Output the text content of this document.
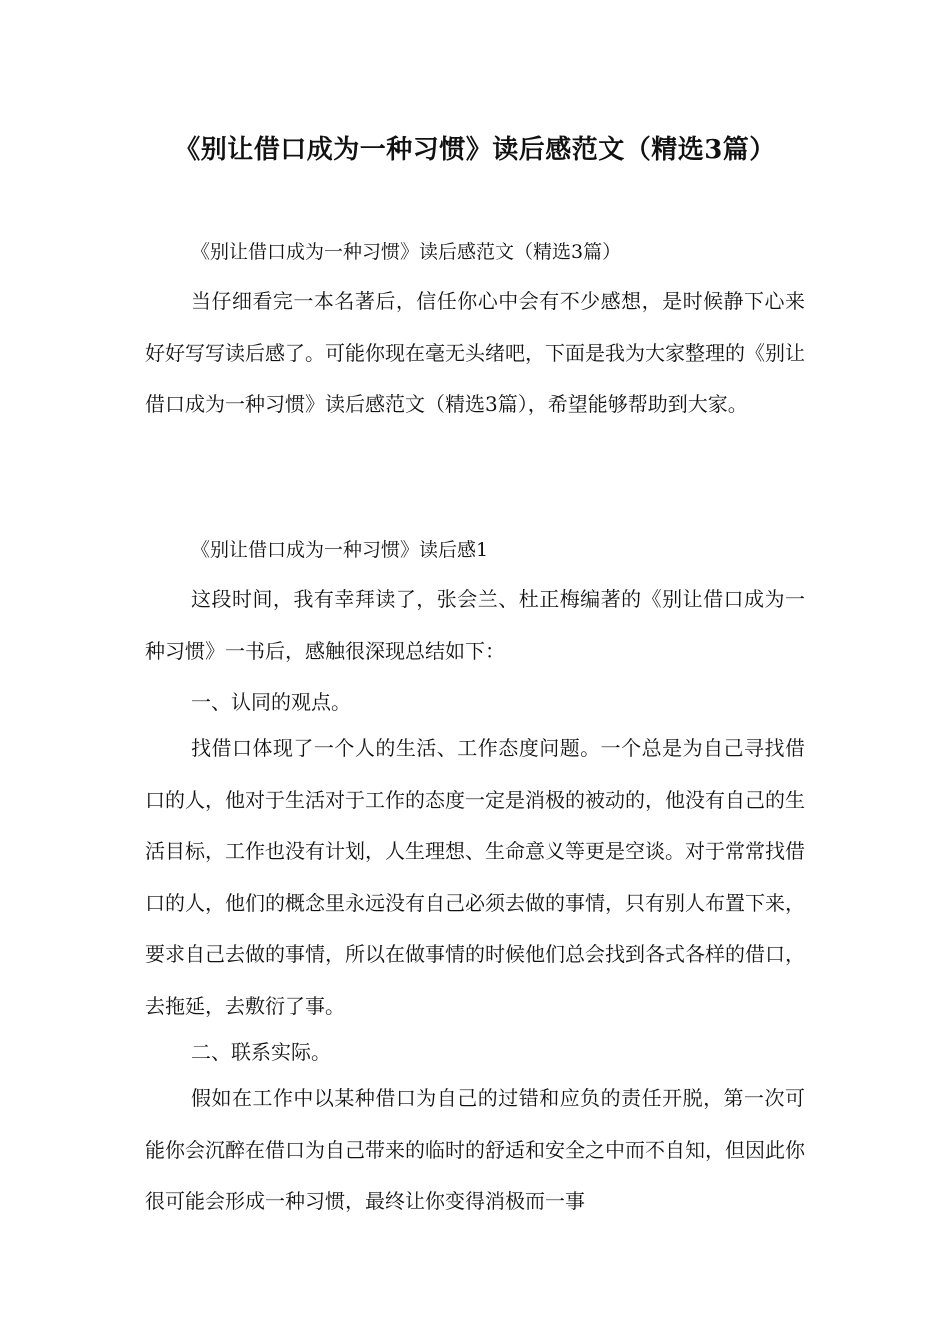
《别让借口成为一种习惯》读后感范文（精选3篇）

《别让借口成为一种习惯》读后感范文（精选3篇）

当仔细看完一本名著后，信任你心中会有不少感想，是时候静下心来好好写写读后感了。可能你现在毫无头绪吧，下面是我为大家整理的《别让借口成为一种习惯》读后感范文（精选3篇），希望能够帮助到大家。

《别让借口成为一种习惯》读后感1

这段时间，我有幸拜读了，张会兰、杜正梅编著的《别让借口成为一种习惯》一书后，感触很深现总结如下：

一、认同的观点。

找借口体现了一个人的生活、工作态度问题。一个总是为自己寻找借口的人，他对于生活对于工作的态度一定是消极的被动的，他没有自己的生活目标，工作也没有计划，人生理想、生命意义等更是空谈。对于常常找借口的人，他们的概念里永远没有自己必须去做的事情，只有别人布置下来，要求自己去做的事情，所以在做事情的时候他们总会找到各式各样的借口，去拖延，去敷衍了事。

二、联系实际。

假如在工作中以某种借口为自己的过错和应负的责任开脱，第一次可能你会沉醉在借口为自己带来的临时的舒适和安全之中而不自知，但因此你很可能会形成一种习惯，最终让你变得消极而一事
